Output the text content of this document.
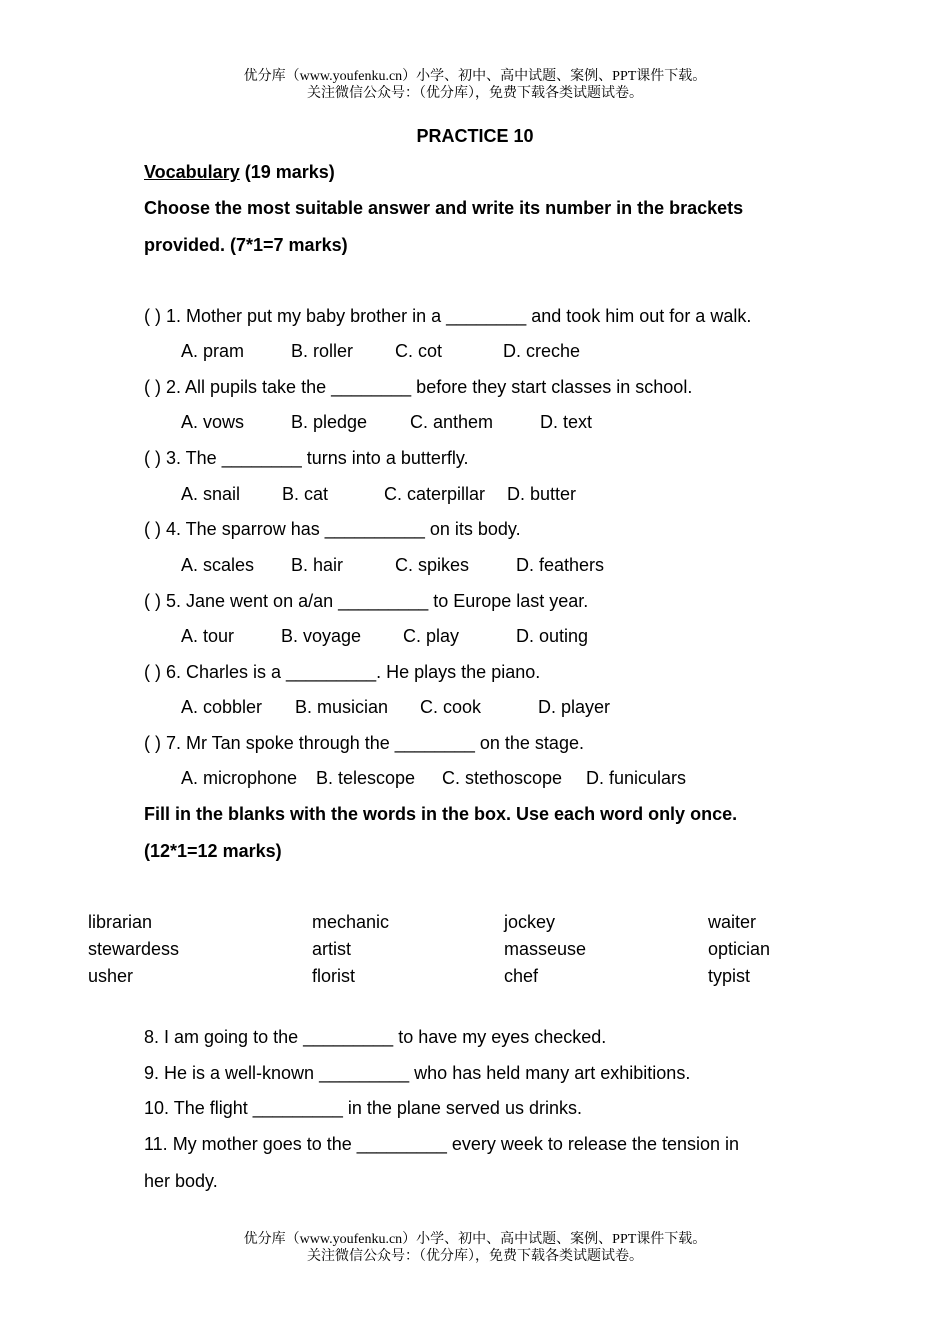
优分库（www.youfenku.cn）小学、初中、高中试题、案例、PPT课件下载。
关注微信公众号：（优分库），免费下载各类试题试卷。
PRACTICE 10
Vocabulary (19 marks)
Choose the most suitable answer and write its number in the brackets
provided. (7*1=7 marks)
( ) 1. Mother put my baby brother in a ________ and took him out for a walk.
A. pram	B. roller C. cot	D. creche
( ) 2. All pupils take the ________ before they start classes in school.
A. vows	B. pledge C. anthem	D. text
( ) 3. The ________ turns into a butterfly.
A. snail B. cat	C. caterpillar D. butter
( ) 4. The sparrow has __________ on its body.
A. scales B. hair	C. spikes	D. feathers
( ) 5. Jane went on a/an _________ to Europe last year.
A. tour	B. voyage C. play	D. outing
( ) 6. Charles is a _________. He plays the piano.
A. cobbler B. musician C. cook	D. player
( ) 7. Mr Tan spoke through the ________ on the stage.
A. microphone B. telescope C. stethoscope D. funiculars
Fill in the blanks with the words in the box. Use each word only once.
(12*1=12 marks)
librarian	mechanic	jockey	waiter
stewardess	artist	masseuse	optician
usher	florist	chef	typist
8. I am going to the _________ to have my eyes checked.
9. He is a well-known _________ who has held many art exhibitions.
10. The flight _________ in the plane served us drinks.
11. My mother goes to the _________ every week to release the tension in
her body.
优分库（www.youfenku.cn）小学、初中、高中试题、案例、PPT课件下载。
关注微信公众号：（优分库），免费下载各类试题试卷。
